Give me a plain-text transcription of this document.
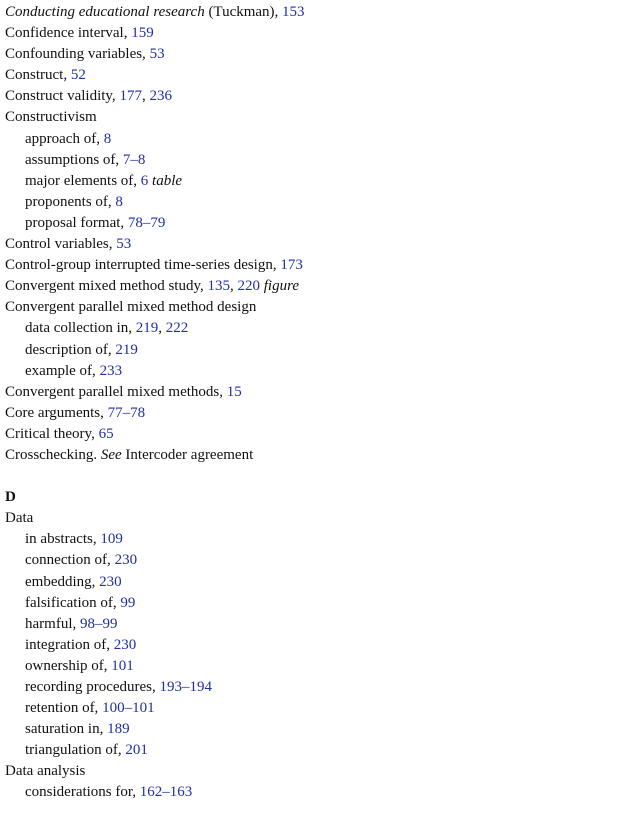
Conducting educational research (Tuckman), 153
Confidence interval, 159
Confounding variables, 53
Construct, 52
Construct validity, 177, 236
Constructivism
approach of, 8
assumptions of, 7–8
major elements of, 6 table
proponents of, 8
proposal format, 78–79
Control variables, 53
Control-group interrupted time-series design, 173
Convergent mixed method study, 135, 220 figure
Convergent parallel mixed method design
data collection in, 219, 222
description of, 219
example of, 233
Convergent parallel mixed methods, 15
Core arguments, 77–78
Critical theory, 65
Crosschecking. See Intercoder agreement
D
Data
in abstracts, 109
connection of, 230
embedding, 230
falsification of, 99
harmful, 98–99
integration of, 230
ownership of, 101
recording procedures, 193–194
retention of, 100–101
saturation in, 189
triangulation of, 201
Data analysis
considerations for, 162–163
